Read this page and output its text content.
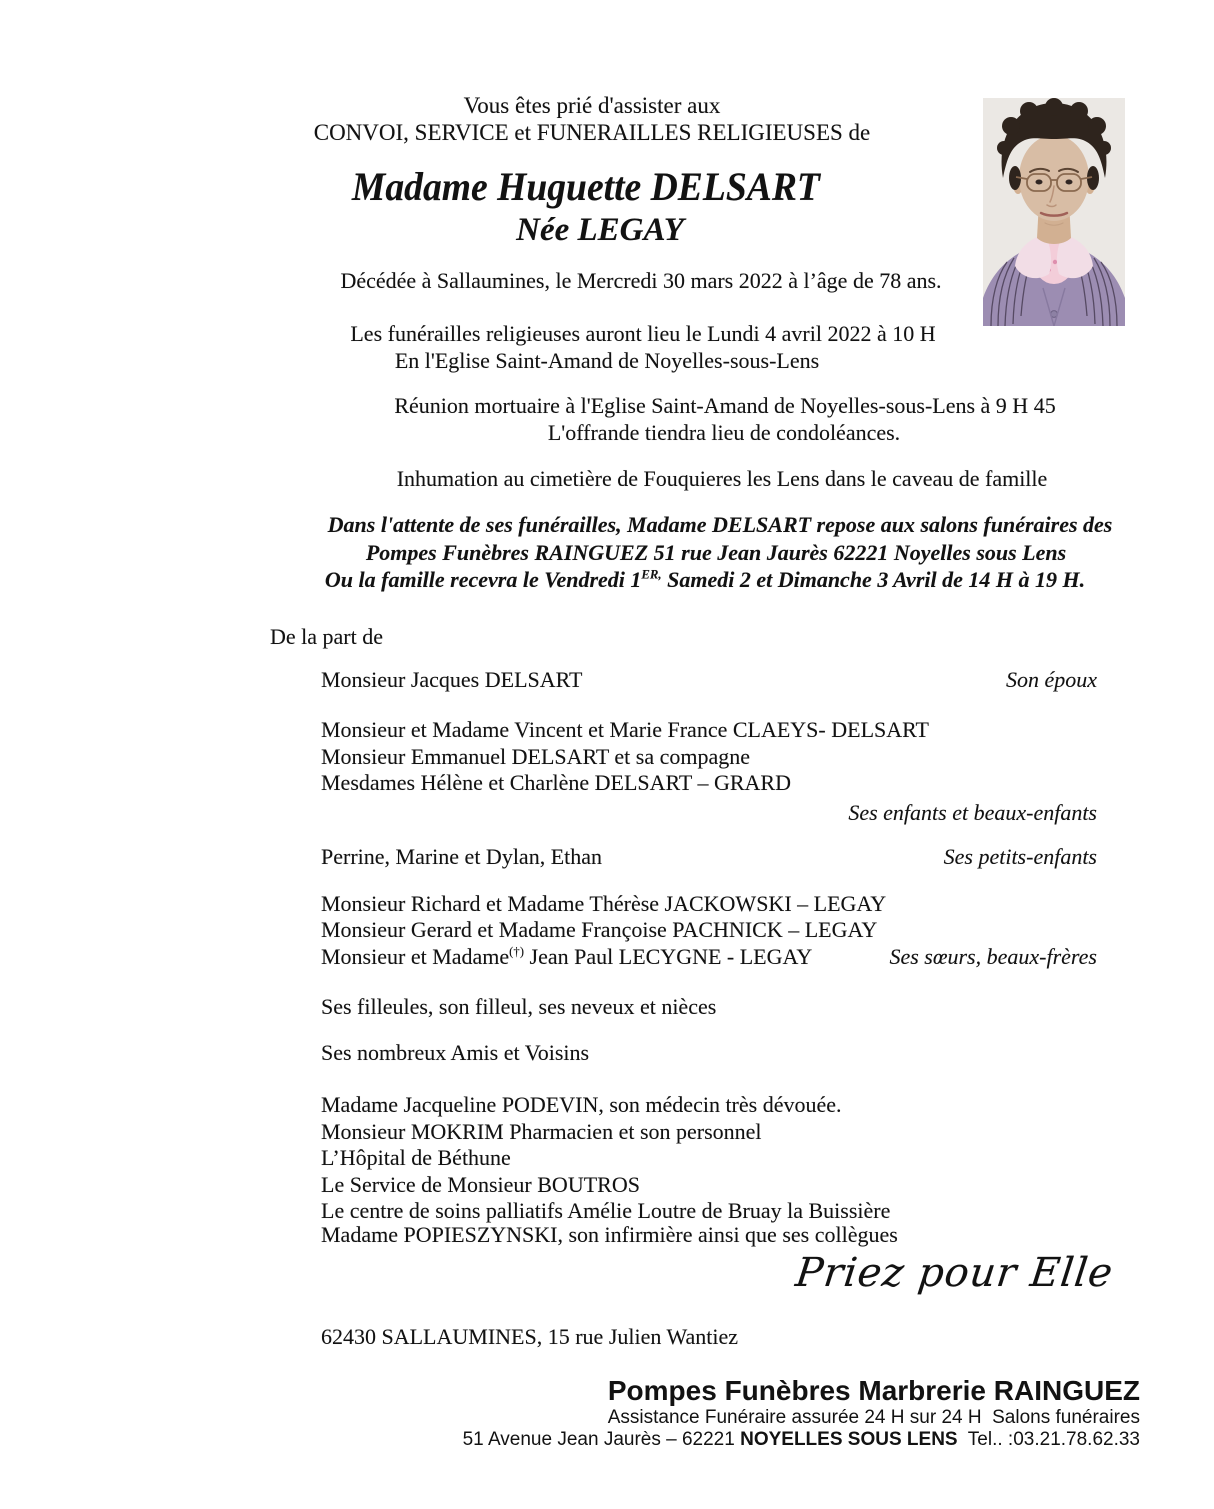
Vous êtes prié d'assister aux
CONVOI, SERVICE et FUNERAILLES RELIGIEUSES de
Madame Huguette DELSART
Née LEGAY
Décédée à Sallaumines, le Mercredi 30 mars 2022 à l’âge de 78 ans.
Les funérailles religieuses auront lieu le Lundi 4 avril 2022 à 10 H
En l'Eglise Saint-Amand de Noyelles-sous-Lens
Réunion mortuaire à l'Eglise Saint-Amand de Noyelles-sous-Lens à 9 H 45
L'offrande tiendra lieu de condoléances.
Inhumation au cimetière de Fouquieres les Lens dans le caveau de famille
Dans l'attente de ses funérailles, Madame DELSART repose aux salons funéraires des
Pompes Funèbres RAINGUEZ 51 rue Jean Jaurès 62221 Noyelles sous Lens
Ou la famille recevra le Vendredi $1^{ER,}$ Samedi 2 et Dimanche 3 Avril de 14 H à 19 H.
De la part de
Monsieur Jacques DELSART	Son époux
Monsieur et Madame Vincent et Marie France CLAEYS- DELSART
Monsieur Emmanuel DELSART et sa compagne
Mesdames Hélène et Charlène DELSART – GRARD
Ses enfants et beaux-enfants
Perrine, Marine et Dylan, Ethan	Ses petits-enfants
Monsieur Richard et Madame Thérèse JACKOWSKI – LEGAY
Monsieur Gerard et Madame Françoise PACHNICK – LEGAY
Monsieur et Madame(†) Jean Paul LECYGNE - LEGAY	Ses sœurs, beaux-frères
Ses filleules, son filleul, ses neveux et nièces
Ses nombreux Amis et Voisins
Madame Jacqueline PODEVIN, son médecin très dévouée.
Monsieur MOKRIM Pharmacien et son personnel
L’Hôpital de Béthune
Le Service de Monsieur BOUTROS
Le centre de soins palliatifs Amélie Loutre de Bruay la Buissière
Madame POPIESZYNSKI, son infirmière ainsi que ses collègues
Priez pour Elle
62430 SALLAUMINES, 15 rue Julien Wantiez
Pompes Funèbres Marbrerie RAINGUEZ
Assistance Funéraire assurée 24 H sur 24 H  Salons funéraires
51 Avenue Jean Jaurès – 62221 NOYELLES SOUS LENS  Tel.. :03.21.78.62.33
